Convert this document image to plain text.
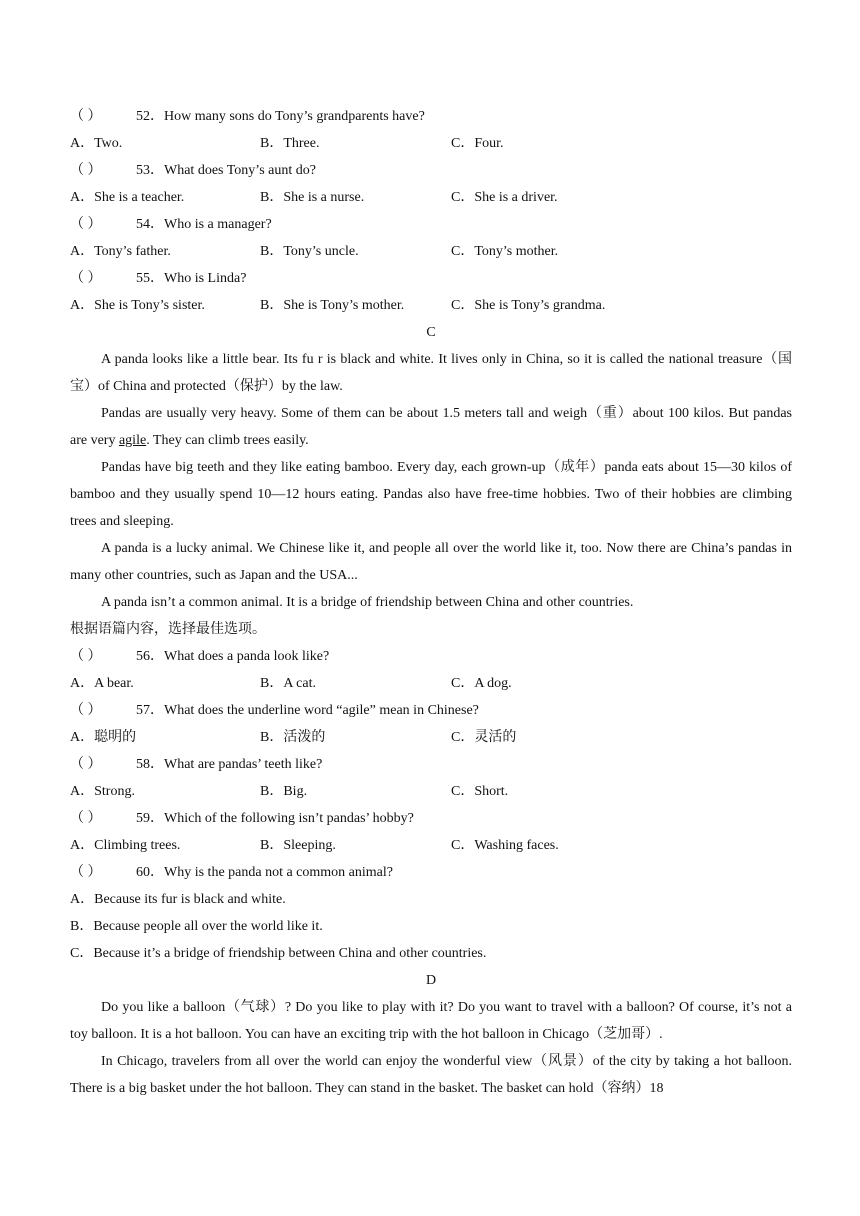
（ ） 52．How many sons do Tony’s grandparents have?
A．Two.	B．Three.	C．Four.
（ ） 53．What does Tony’s aunt do?
A．She is a teacher.	B．She is a nurse.	C．She is a driver.
（ ） 54．Who is a manager?
A．Tony’s father.	B．Tony’s uncle.	C．Tony’s mother.
（ ） 55．Who is Linda?
A．She is Tony’s sister.	B．She is Tony’s mother.	C．She is Tony’s grandma.
C

A panda looks like a little bear. Its fu r is black and white. It lives only in China, so it is called the national treasure（国宝）of China and protected（保护）by the law.

Pandas are usually very heavy. Some of them can be about 1.5 meters tall and weigh（重）about 100 kilos. But pandas are very agile. They can climb trees easily.

Pandas have big teeth and they like eating bamboo. Every day, each grown-up（成年）panda eats about 15—30 kilos of bamboo and they usually spend 10—12 hours eating. Pandas also have free-time hobbies. Two of their hobbies are climbing trees and sleeping.

A panda is a lucky animal. We Chinese like it, and people all over the world like it, too. Now there are China’s pandas in many other countries, such as Japan and the USA...

A panda isn’t a common animal. It is a bridge of friendship between China and other countries.

根据语篇内容，选择最佳选项。
（ ） 56．What does a panda look like?
A．A bear.	B．A cat.	C．A dog.
（ ） 57．What does the underline word “agile” mean in Chinese?
A．聪明的	B．活泼的	C．灵活的
（ ） 58．What are pandas’ teeth like?
A．Strong.	B．Big.	C．Short.
（ ） 59．Which of the following isn’t pandas’ hobby?
A．Climbing trees.	B．Sleeping.	C．Washing faces.
（ ） 60．Why is the panda not a common animal?
A．Because its fur is black and white.
B．Because people all over the world like it.
C．Because it’s a bridge of friendship between China and other countries.
D

Do you like a balloon（气球）? Do you like to play with it? Do you want to travel with a balloon? Of course, it’s not a toy balloon. It is a hot balloon. You can have an exciting trip with the hot balloon in Chicago（芝加哥）.

In Chicago, travelers from all over the world can enjoy the wonderful view（风景）of the city by taking a hot balloon. There is a big basket under the hot balloon. They can stand in the basket. The basket can hold（容纳）18
